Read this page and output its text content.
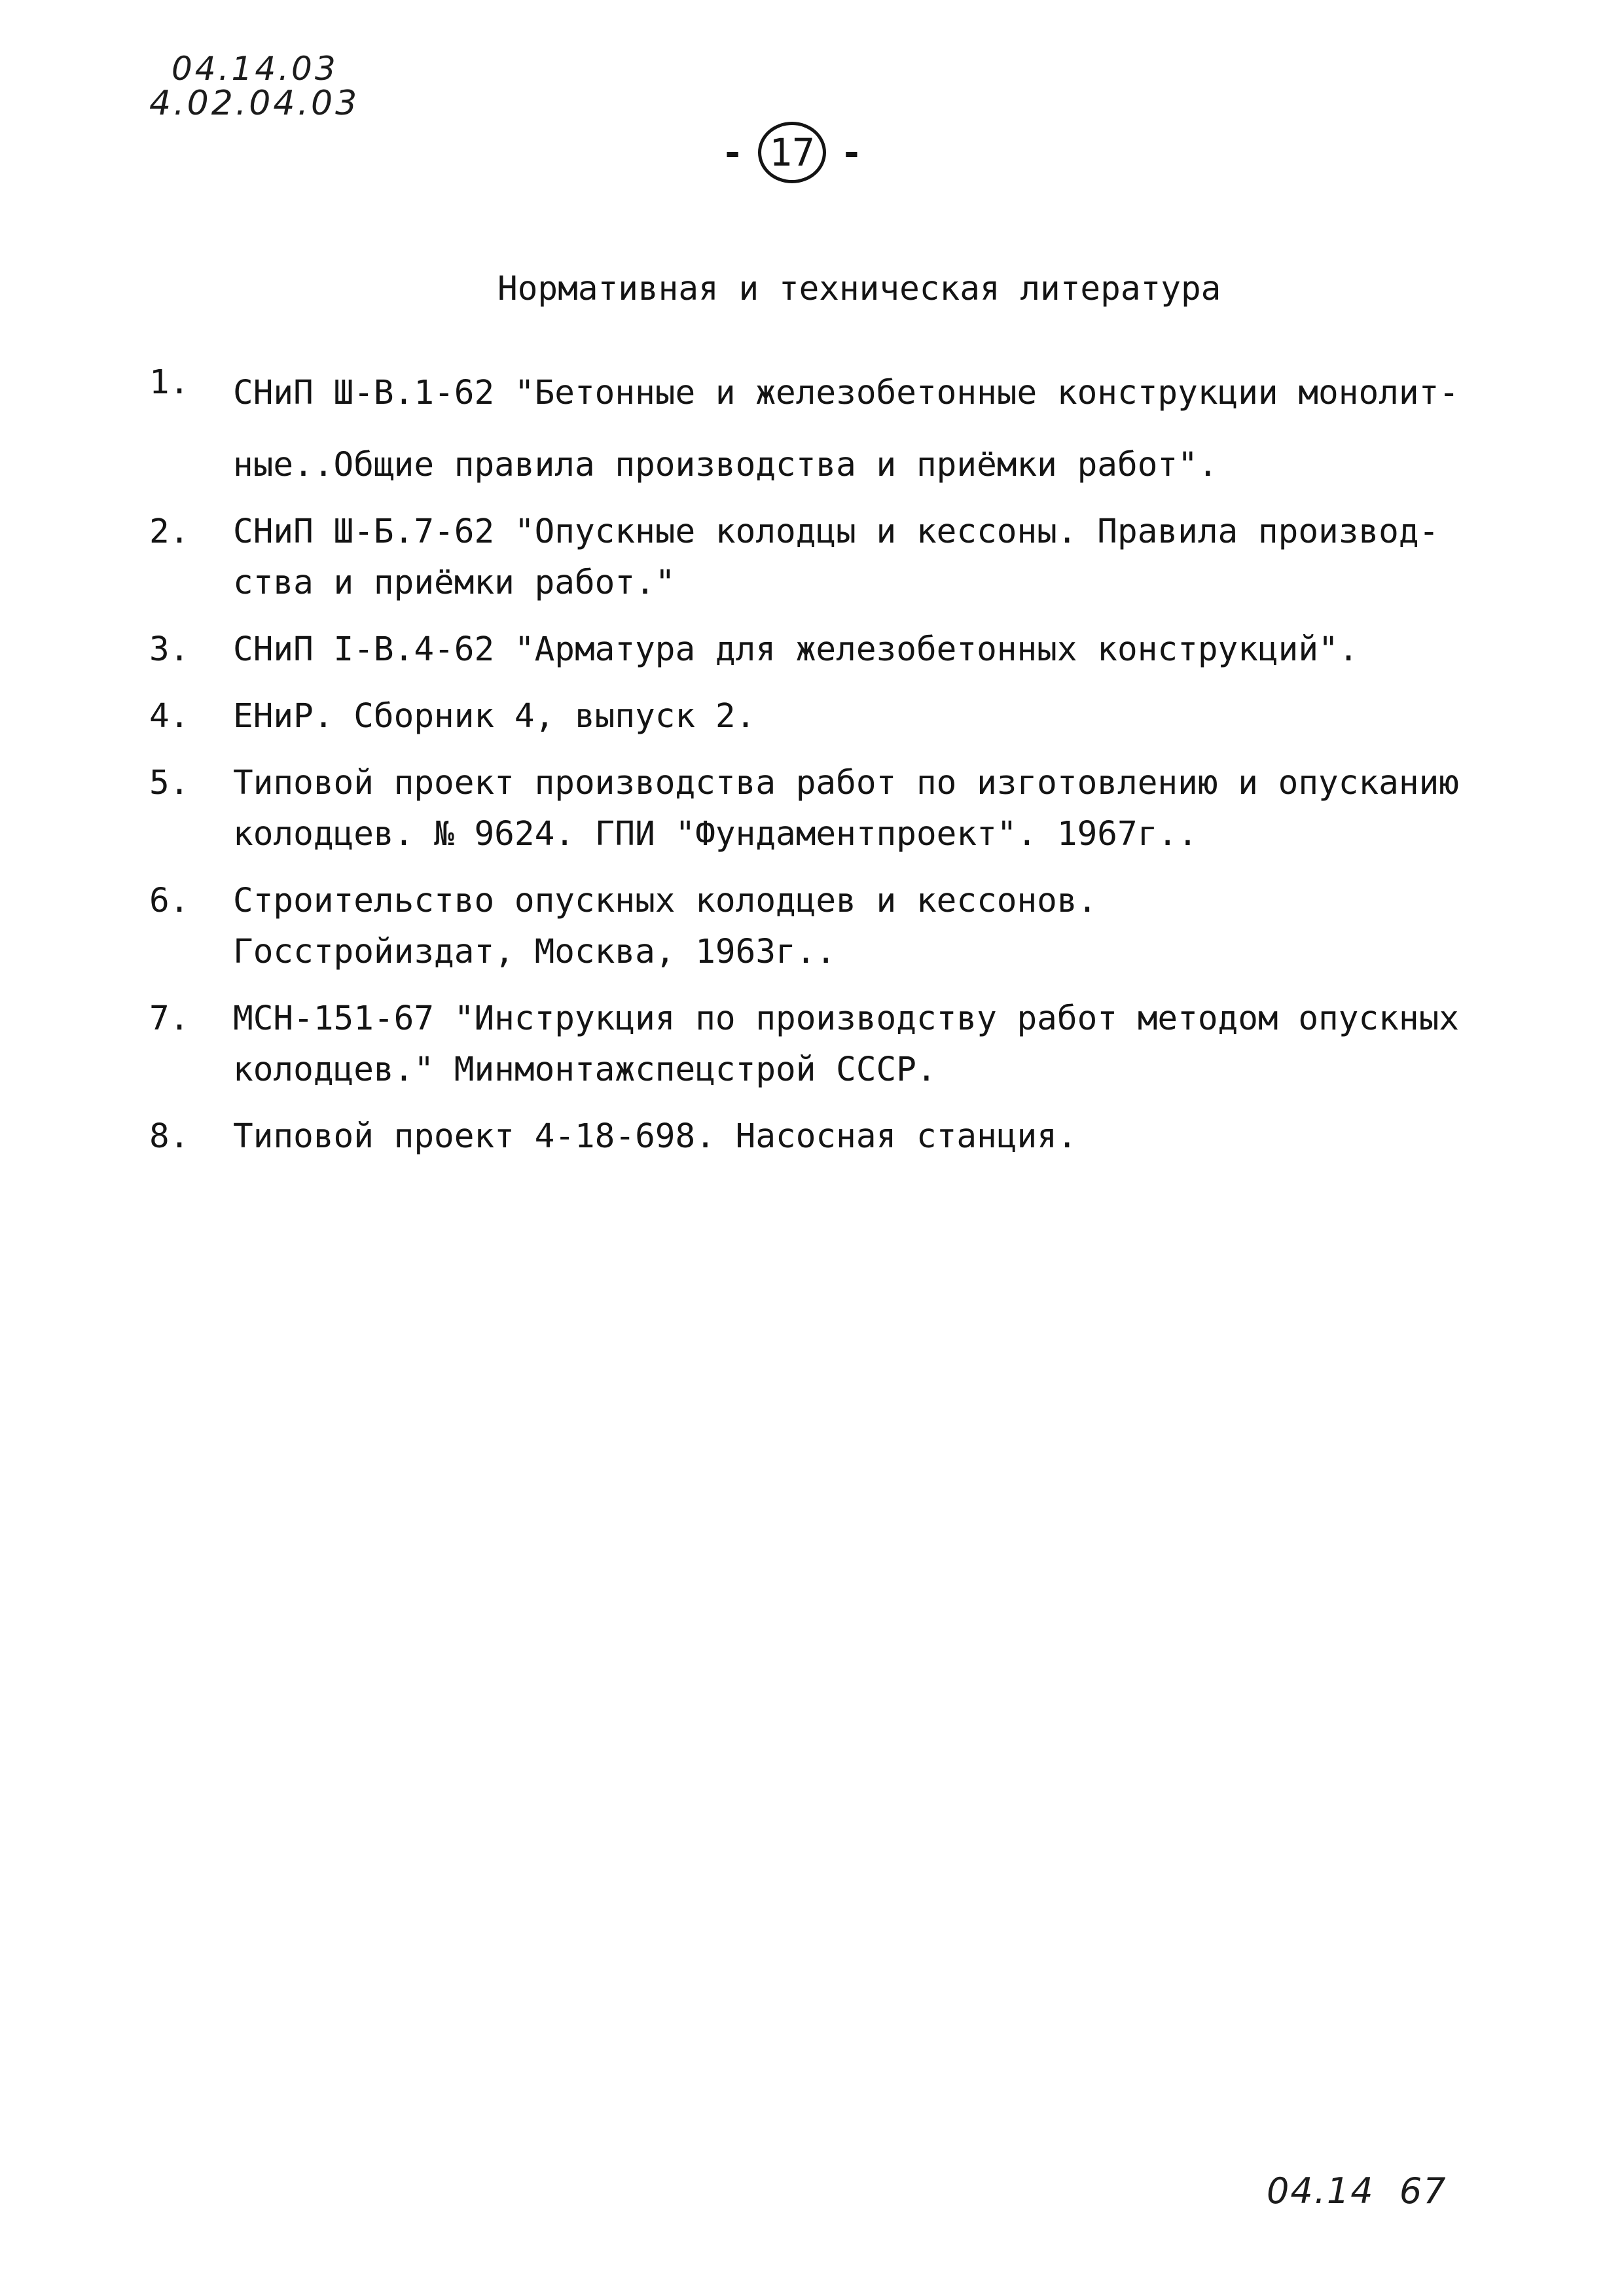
04.14.03
4.02.04.03
- 17 -
Нормативная и техническая литература
1.	СНиП Ш-В.1-62 "Бетонные и железобетонные конструкции монолит-ные..Общие правила производства и приёмки работ".
2.	СНиП Ш-Б.7-62 "Опускные колодцы и кессоны. Правила производ-ства и приёмки работ."
3.	СНиП I-В.4-62 "Арматура для железобетонных конструкций".
4.	ЕНиР. Сборник 4, выпуск 2.
5.	Типовой проект производства работ по изготовлению и опусканию колодцев. № 9624. ГПИ "Фундаментпроект". 1967г..
6.	Строительство опускных колодцев и кессонов.
Госстройиздат, Москва, 1963г..
7.	МСН-151-67 "Инструкция по производству работ методом опускных колодцев." Минмонтажспецстрой СССР.
8.	Типовой проект 4-18-698. Насосная станция.
04.14  67
